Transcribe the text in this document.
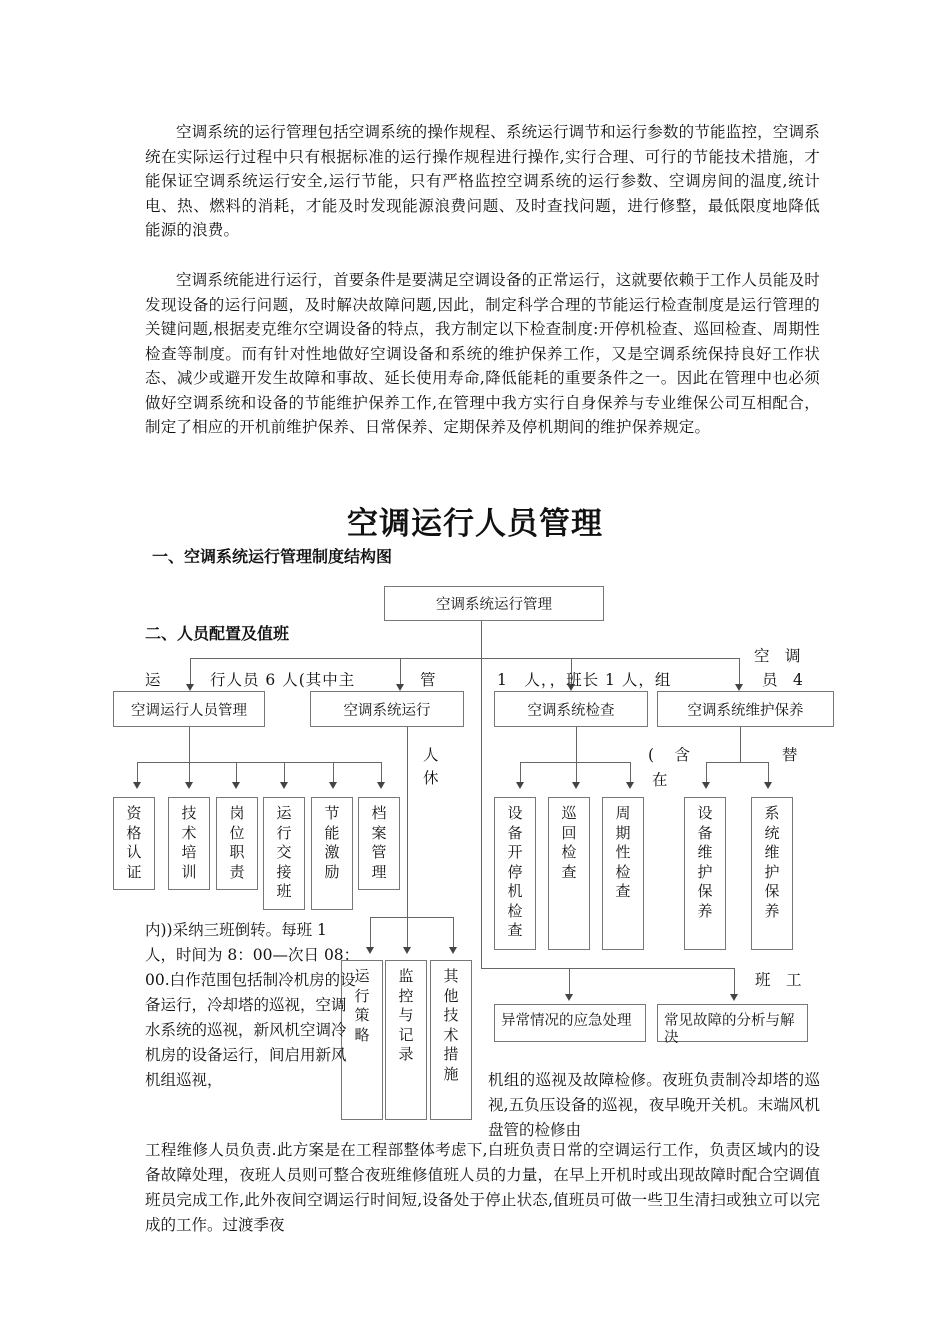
空调系统的运行管理包括空调系统的操作规程、系统运行调节和运行参数的节能监控，空调系统在实际运行过程中只有根据标准的运行操作规程进行操作,实行合理、可行的节能技术措施，才能保证空调系统运行安全,运行节能，只有严格监控空调系统的运行参数、空调房间的温度,统计电、热、燃料的消耗，才能及时发现能源浪费问题、及时查找问题，进行修整，最低限度地降低能源的浪费。

空调系统能进行运行，首要条件是要满足空调设备的正常运行，这就要依赖于工作人员能及时发现设备的运行问题，及时解决故障问题,因此，制定科学合理的节能运行检查制度是运行管理的关键问题,根据麦克维尔空调设备的特点，我方制定以下检查制度:开停机检查、巡回检查、周期性检查等制度。而有针对性地做好空调设备和系统的维护保养工作，又是空调系统保持良好工作状态、减少或避开发生故障和事故、延长使用寿命,降低能耗的重要条件之一。因此在管理中也必须做好空调系统和设备的节能维护保养工作,在管理中我方实行自身保养与专业维保公司互相配合，制定了相应的开机前维护保养、日常保养、定期保养及停机期间的维护保养规定。

空调运行人员管理
一、空调系统运行管理制度结构图
二、人员配置及值班
空调系统运行管理
空调运行人员管理	空调系统运行	空调系统检查	空调系统维护保养
资格认证
技术培训
岗位职责
运行交接班
节能激励
档案管理
设备开停机检查
巡回检查
周期性检查
设备维护保养
系统维护保养
运行策略
监控与记录
其他技术措施
异常情况的应急处理	常见故障的分析与解决
运	行人员 6 人(其中主	管	1　人，，班长 1 人，组
空　调
员　4
人
休
(　 含	替
在
班　工

内))采纳三班倒转。每班 1 人，时间为 8：00—次日 08：00.白作范围包括制冷机房的设备运行，冷却塔的巡视，空调水系统的巡视，新风机空调冷机房的设备运行，间启用新风机组巡视，	机组的巡视及故障检修。夜班负责制冷却塔的巡视,五负压设备的巡视，夜早晚开关机。末端风机盘管的检修由

工程维修人员负责.此方案是在工程部整体考虑下,白班负责日常的空调运行工作，负责区域内的设备故障处理，夜班人员则可整合夜班维修值班人员的力量，在早上开机时或出现故障时配合空调值班员完成工作,此外夜间空调运行时间短,设备处于停止状态,值班员可做一些卫生清扫或独立可以完成的工作。过渡季夜
